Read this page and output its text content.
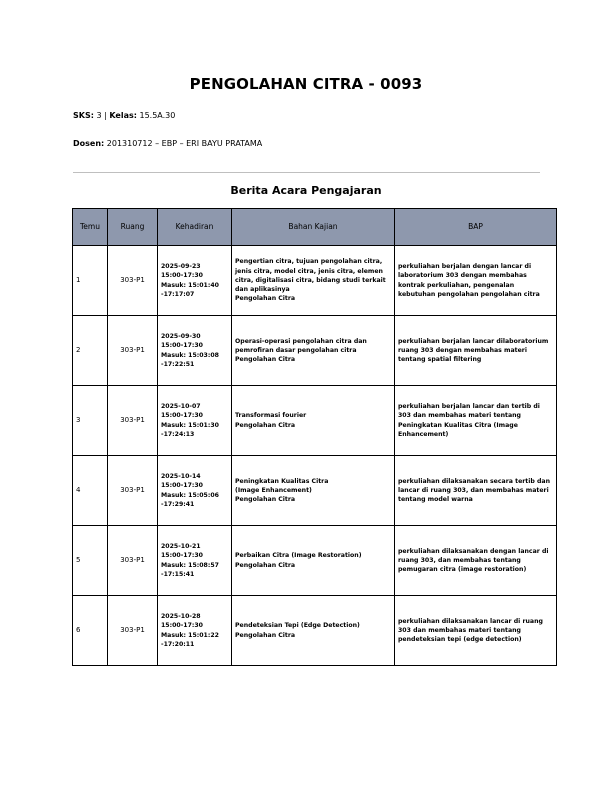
PENGOLAHAN CITRA - 0093
SKS: 3 | Kelas: 15.5A.30
Dosen: 201310712 – EBP – ERI BAYU PRATAMA
Berita Acara Pengajaran
Temu	Ruang	Kehadiran	Bahan Kajian	BAP
1	303-P1	2025-09-23
15:00-17:30
Masuk: 15:01:40
-17:17:07	Pengertian citra, tujuan pengolahan citra, jenis citra, model citra, jenis citra, elemen citra, digitalisasi citra, bidang studi terkait dan aplikasinya
Pengolahan Citra	perkuliahan berjalan dengan lancar di laboratorium 303 dengan membahas kontrak perkuliahan, pengenalan kebutuhan pengolahan pengolahan citra
2	303-P1	2025-09-30
15:00-17:30
Masuk: 15:03:08
-17:22:51	Operasi-operasi pengolahan citra dan pemrofiran dasar pengolahan citra
Pengolahan Citra	perkuliahan berjalan lancar dilaboratorium ruang 303 dengan membahas materi tentang spatial filtering
3	303-P1	2025-10-07
15:00-17:30
Masuk: 15:01:30
-17:24:13	Transformasi fourier
Pengolahan Citra	perkuliahan berjalan lancar dan tertib di 303 dan membahas materi tentang Peningkatan Kualitas Citra (Image Enhancement)
4	303-P1	2025-10-14
15:00-17:30
Masuk: 15:05:06
-17:29:41	Peningkatan Kualitas Citra
(Image Enhancement)
Pengolahan Citra	perkuliahan dilaksanakan secara tertib dan lancar di ruang 303, dan membahas materi tentang model warna
5	303-P1	2025-10-21
15:00-17:30
Masuk: 15:08:57
-17:15:41	Perbaikan Citra (Image Restoration)
Pengolahan Citra	perkuliahan dilaksanakan dengan lancar di ruang 303, dan membahas tentang pemugaran citra (image restoration)
6	303-P1	2025-10-28
15:00-17:30
Masuk: 15:01:22
-17:20:11	Pendeteksian Tepi (Edge Detection)
Pengolahan Citra	perkuliahan dilaksanakan lancar di ruang 303 dan membahas materi tentang pendeteksian tepi (edge detection)
